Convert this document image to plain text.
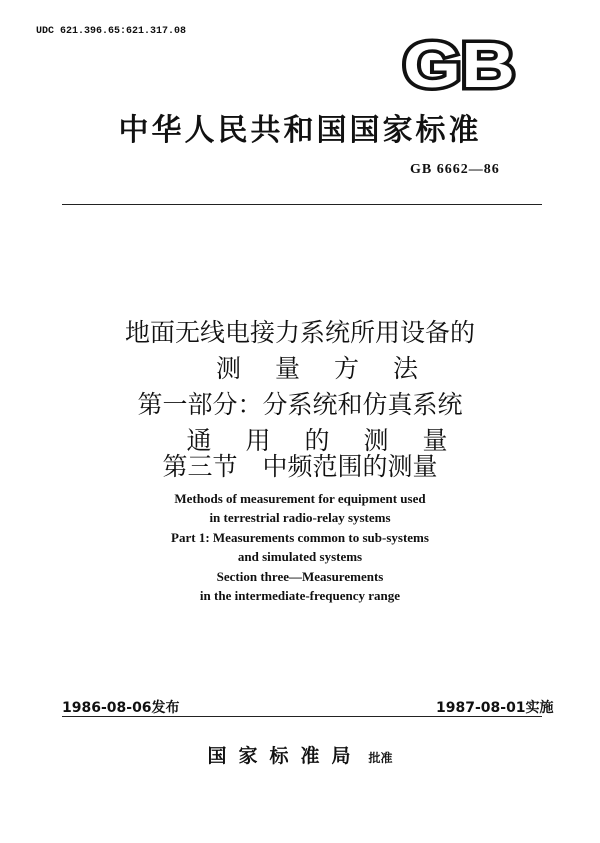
UDC 621.396.65:621.317.08	GB
中华人民共和国国家标准
GB 6662—86
地面无线电接力系统所用设备的
测量方法
第一部分：分系统和仿真系统
通用的测量
第三节　中频范围的测量
Methods of measurement for equipment used
in terrestrial radio-relay systems
Part 1: Measurements common to sub-systems
and simulated systems
Section three—Measurements
in the intermediate-frequency range
1986-08-06发布	1987-08-01实施
国家标准局 批准
